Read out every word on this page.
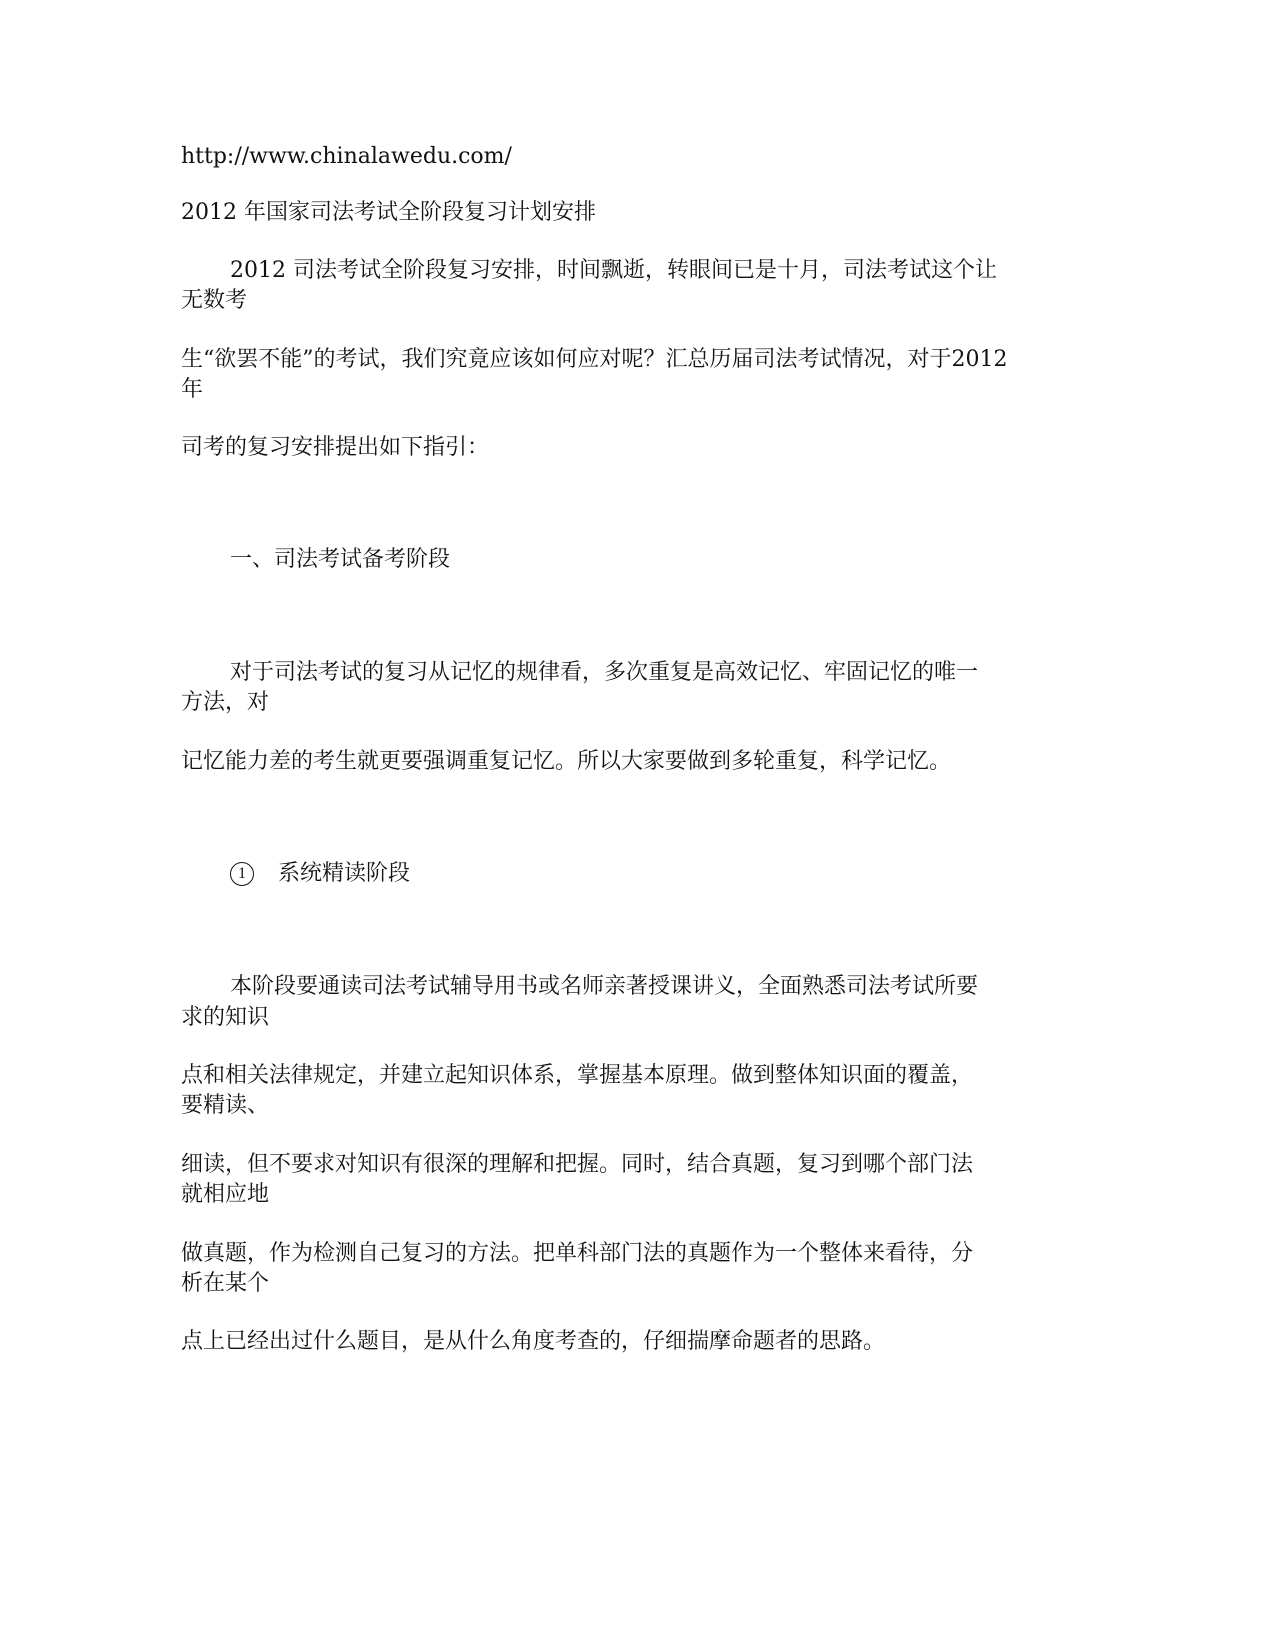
http://www.chinalawedu.com/

2012 年国家司法考试全阶段复习计划安排

2012 司法考试全阶段复习安排，时间飘逝，转眼间已是十月，司法考试这个让

无数考

生“欲罢不能”的考试，我们究竟应该如何应对呢？汇总历届司法考试情况，对于2012

年

司考的复习安排提出如下指引：

一、司法考试备考阶段

对于司法考试的复习从记忆的规律看，多次重复是高效记忆、牢固记忆的唯一

方法，对

记忆能力差的考生就更要强调重复记忆。所以大家要做到多轮重复，科学记忆。

1 系统精读阶段

本阶段要通读司法考试辅导用书或名师亲著授课讲义，全面熟悉司法考试所要

求的知识

点和相关法律规定，并建立起知识体系，掌握基本原理。做到整体知识面的覆盖，

要精读、

细读，但不要求对知识有很深的理解和把握。同时，结合真题，复习到哪个部门法

就相应地

做真题，作为检测自己复习的方法。把单科部门法的真题作为一个整体来看待，分

析在某个

点上已经出过什么题目，是从什么角度考查的，仔细揣摩命题者的思路。
